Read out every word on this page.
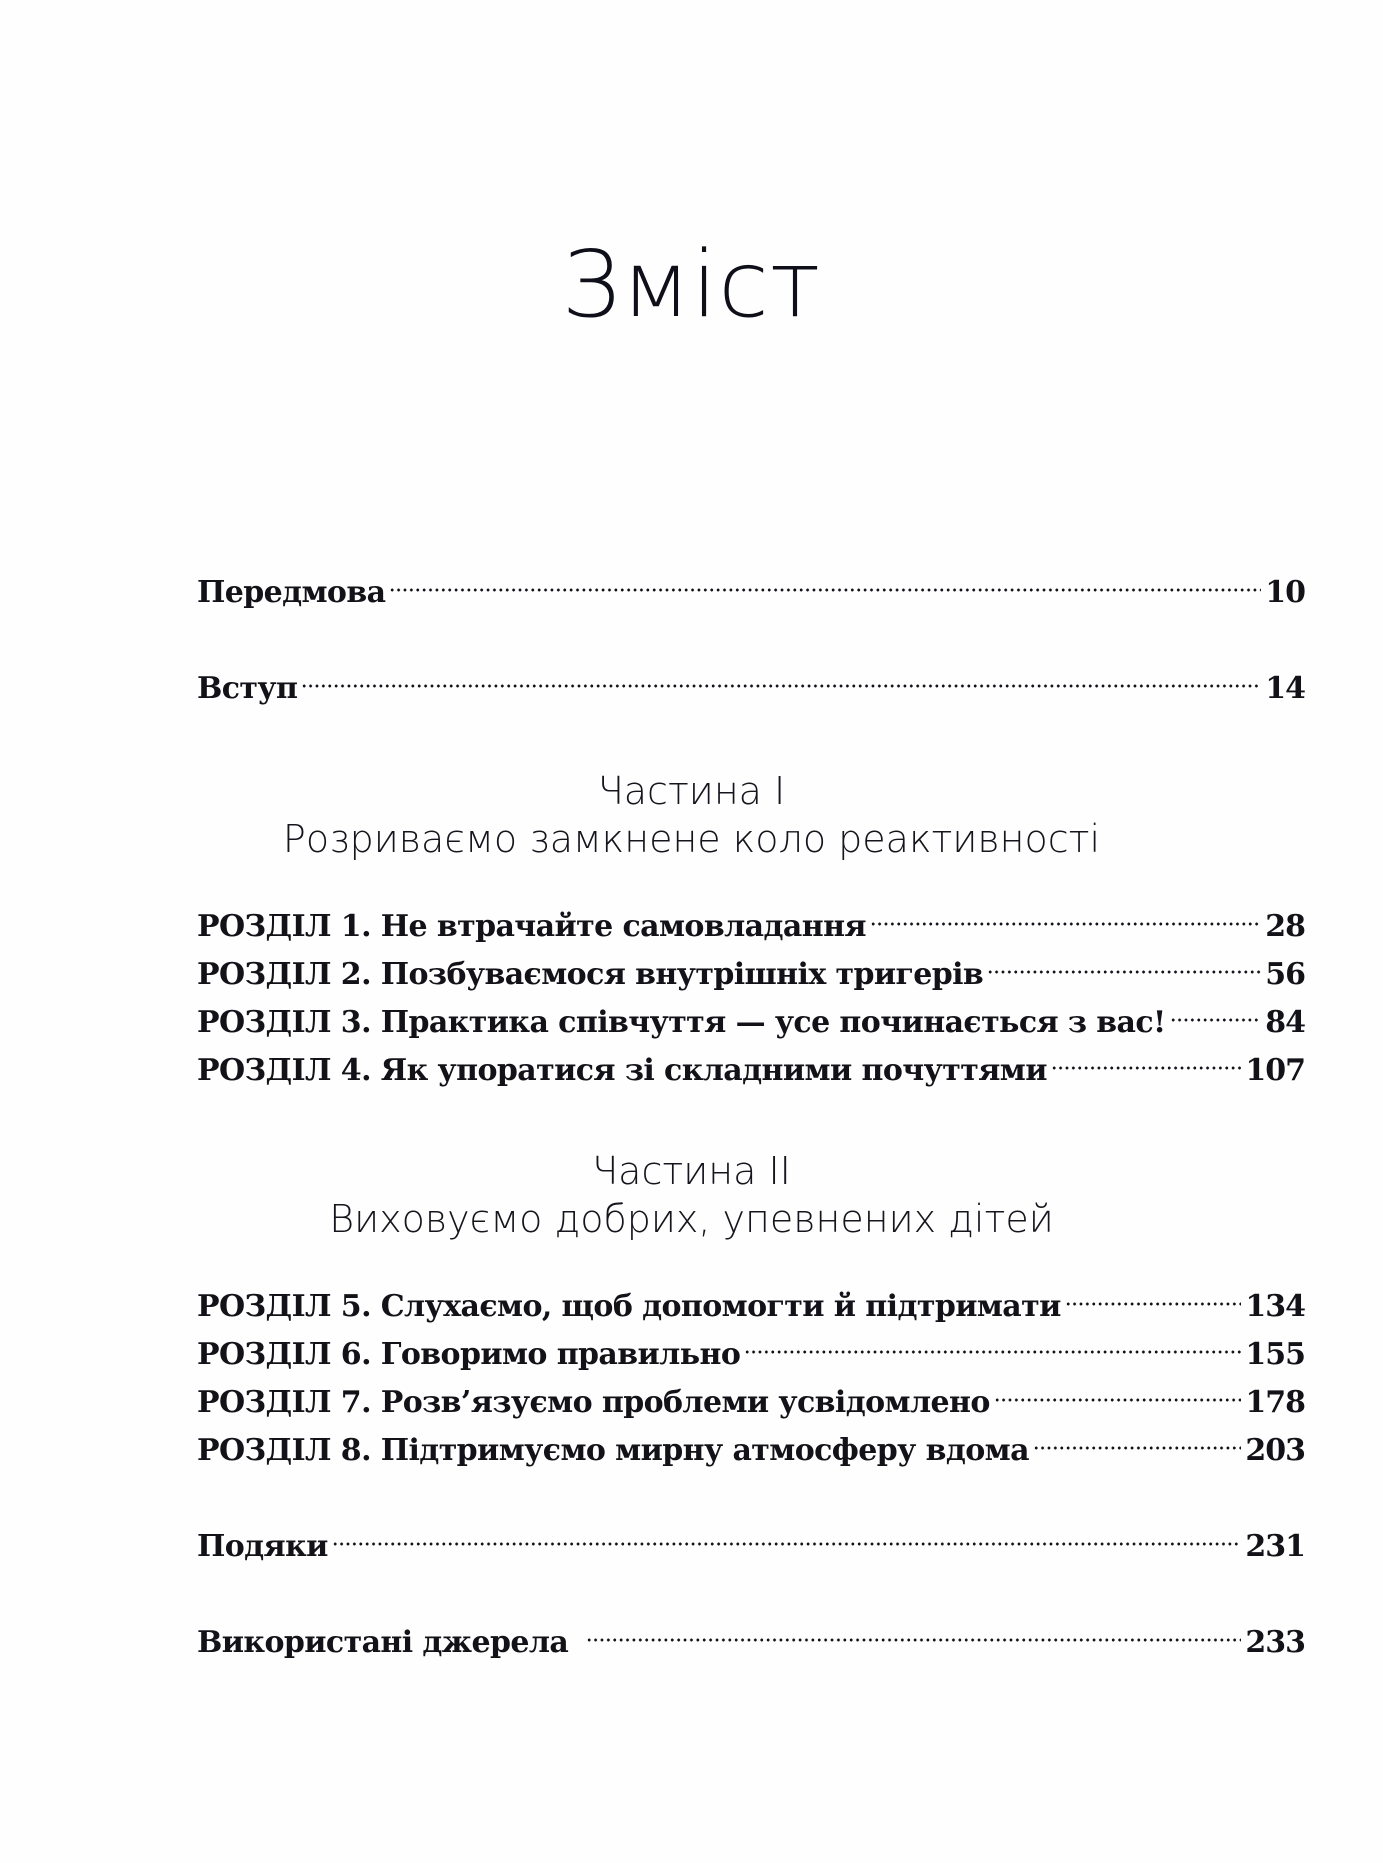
Зміст
Передмова	10
Вступ	14
Частина I
Розриваємо замкнене коло реактивності
РОЗДІЛ 1. Не втрачайте самовладання	28
РОЗДІЛ 2. Позбуваємося внутрішніх тригерів	56
РОЗДІЛ 3. Практика співчуття — усе починається з вас!	84
РОЗДІЛ 4. Як упоратися зі складними почуттями	107
Частина II
Виховуємо добрих, упевнених дітей
РОЗДІЛ 5. Слухаємо, щоб допомогти й підтримати	134
РОЗДІЛ 6. Говоримо правильно	155
РОЗДІЛ 7. Розв’язуємо проблеми усвідомлено	178
РОЗДІЛ 8. Підтримуємо мирну атмосферу вдома	203
Подяки	231
Використані джерела	233
